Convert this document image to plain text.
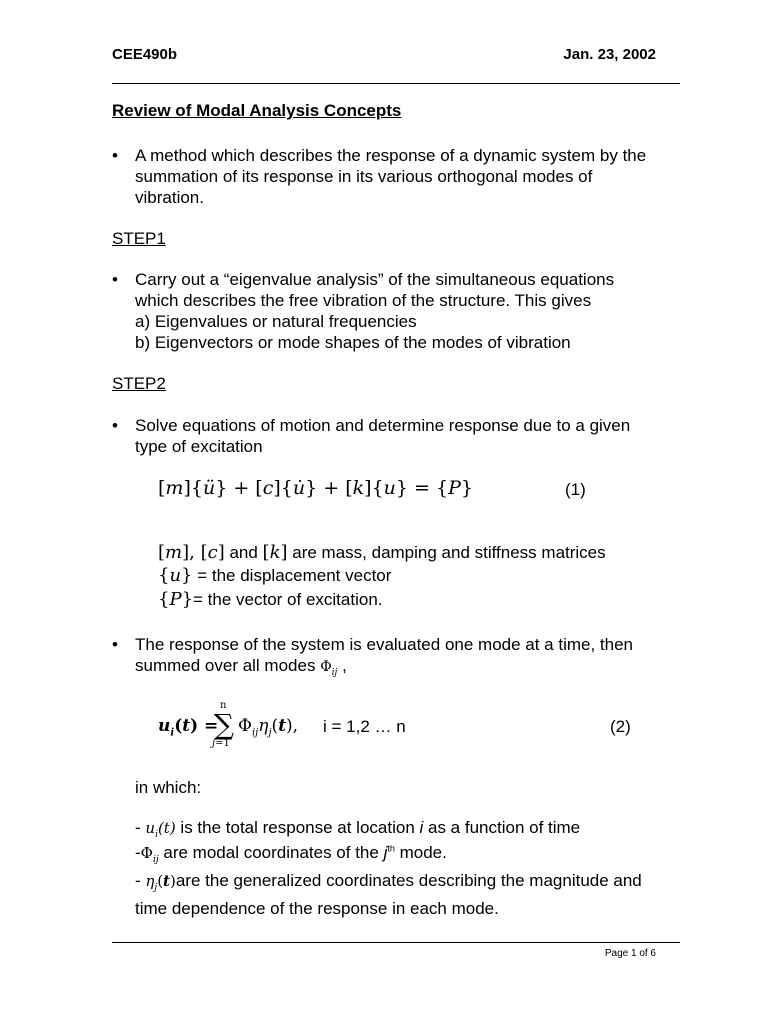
CEE490b	Jan. 23, 2002
Review of Modal Analysis Concepts
• A method which describes the response of a dynamic system by the
summation of its response in its various orthogonal modes of
vibration.
STEP1
• Carry out a “eigenvalue analysis” of the simultaneous equations
which describes the free vibration of the structure. This gives
a) Eigenvalues or natural frequencies
b) Eigenvectors or mode shapes of the modes of vibration
STEP2
• Solve equations of motion and determine response due to a given
type of excitation
[m]{ü} + [c]{u̇} + [k]{u} = {P}	(1)
[m], [c] and [k] are mass, damping and stiffness matrices
{u} = the displacement vector
{P}= the vector of excitation.
• The response of the system is evaluated one mode at a time, then
summed over all modes $\Phi_{ij}$ ,
$u_i(t)$ =
n
∑
j=1
$\Phi_{ij}\eta_j(t)$, i = 1,2 … n	(2)
in which:
- $u_i(t)$ is the total response at location i as a function of time
$-\Phi_{ij}$ are modal coordinates of the $j^{th}$ mode.
- $\eta_j(t)are$ the generalized coordinates describing the magnitude and
time dependence of the response in each mode.
Page 1 of 6
